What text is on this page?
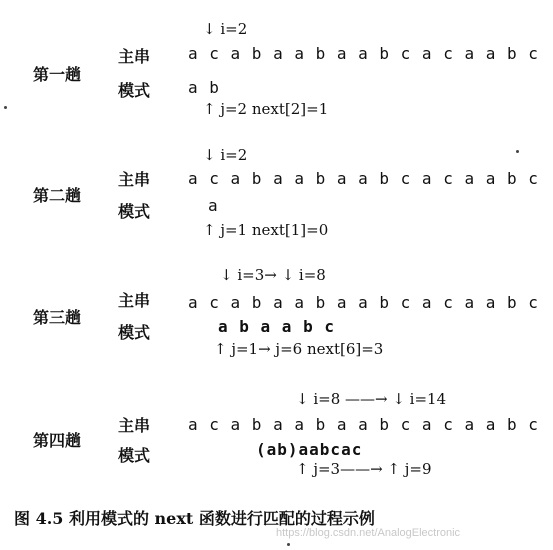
↓ i=2
第一趟
主串 a c a b a a b a a b c a c a a b c
模式 a b
↑ j=2 next[2]=1
↓ i=2
第二趟
主串 a c a b a a b a a b c a c a a b c
模式	a
↑ j=1 next[1]=0
↓ i=3→ ↓ i=8
第三趟
主串 a c a b a a b a a b c a c a a b c
模式	a b a a b c
↑ j=1→ j=6 next[6]=3
↓ i=8 ——→ ↓ i=14
第四趟
主串 a c a b a a b a a b c a c a a b c
模式	(ab)aabcac
↑ j=3——→ ↑ j=9
图 4.5 利用模式的 next 函数进行匹配的过程示例
https://blog.csdn.net/AnalogElectronic
